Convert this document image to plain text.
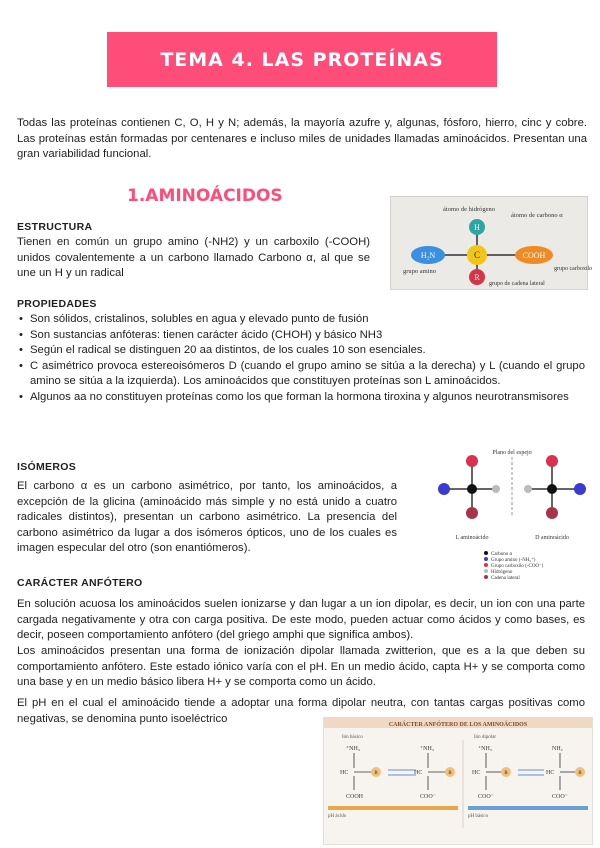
TEMA 4. LAS PROTEÍNAS

Todas las proteínas contienen C, O, H y N; además, la mayoría azufre y, algunas, fósforo, hierro, cinc y cobre. Las proteínas están formadas por centenares e incluso miles de unidades llamadas aminoácidos. Presentan una gran variabilidad funcional.

1.AMINOÁCIDOS

ESTRUCTURA

Tienen en común un grupo amino (-NH2) y un carboxilo (-COOH) unidos covalentemente a un carbono llamado Carbono α, al que se une un H y un radical

H
C
R
H₂N	COOH
átomo de hidrógeno
átomo de carbono α
grupo amino	grupo carboxilo
grupo de cadena lateral

PROPIEDADES

• Son sólidos, cristalinos, solubles en agua y elevado punto de fusión
• Son sustancias anfóteras: tienen carácter ácido (CHOH) y básico NH3
• Según el radical se distinguen 20 aa distintos, de los cuales 10 son esenciales.
• C asimétrico provoca estereoisómeros D (cuando el grupo amino se sitúa a la derecha) y L (cuando el grupo amino se sitúa a la izquierda). Los aminoácidos que constituyen proteínas son L aminoácidos.
• Algunos aa no constituyen proteínas como los que forman la hormona tiroxina y algunos neurotransmisores

ISÓMEROS

El carbono α es un carbono asimétrico, por tanto, los aminoácidos, a excepción de la glicina (aminoácido más simple y no está unido a cuatro radicales distintos), presentan un carbono asimétrico. La presencia del carbono asimétrico da lugar a dos isómeros ópticos, uno de los cuales es imagen especular del otro (son enantiómeros).

Plano del espejo
L aminoácido	D aminoácido
Carbono α
Grupo amino (-NH₂⁺)
Grupo carboxilo (-COO⁻)
Hidrógeno
Cadena lateral

CARÁCTER ANFÓTERO

En solución acuosa los aminoácidos suelen ionizarse y dan lugar a un ion dipolar, es decir, un ion con una parte cargada negativamente y otra con carga positiva. De este modo, pueden actuar como ácidos y como bases, es decir, poseen comportamiento anfótero (del griego amphi que significa ambos).

Los aminoácidos presentan una forma de ionización dipolar llamada zwitterion, que es a la que deben su comportamiento anfótero. Este estado iónico varía con el pH. En un medio ácido, capta H+ y se comporta como una base y en un medio básico libera H+ y se comporta como un ácido.

El pH en el cual el aminoácido tiende a adoptar una forma dipolar neutra, con tantas cargas positivas como negativas, se denomina punto isoeléctrico

CARÁCTER ANFÓTERO DE LOS AMINOÁCIDOS
Ión básico	Ión dipolar
⁺NH₃
HC	R
COOH
⁺NH₃
HC	R
COO⁻
⁺NH₃
HC	R
COO⁻
NH₂
HC	R
COO⁻
pH ácido	pH básico
